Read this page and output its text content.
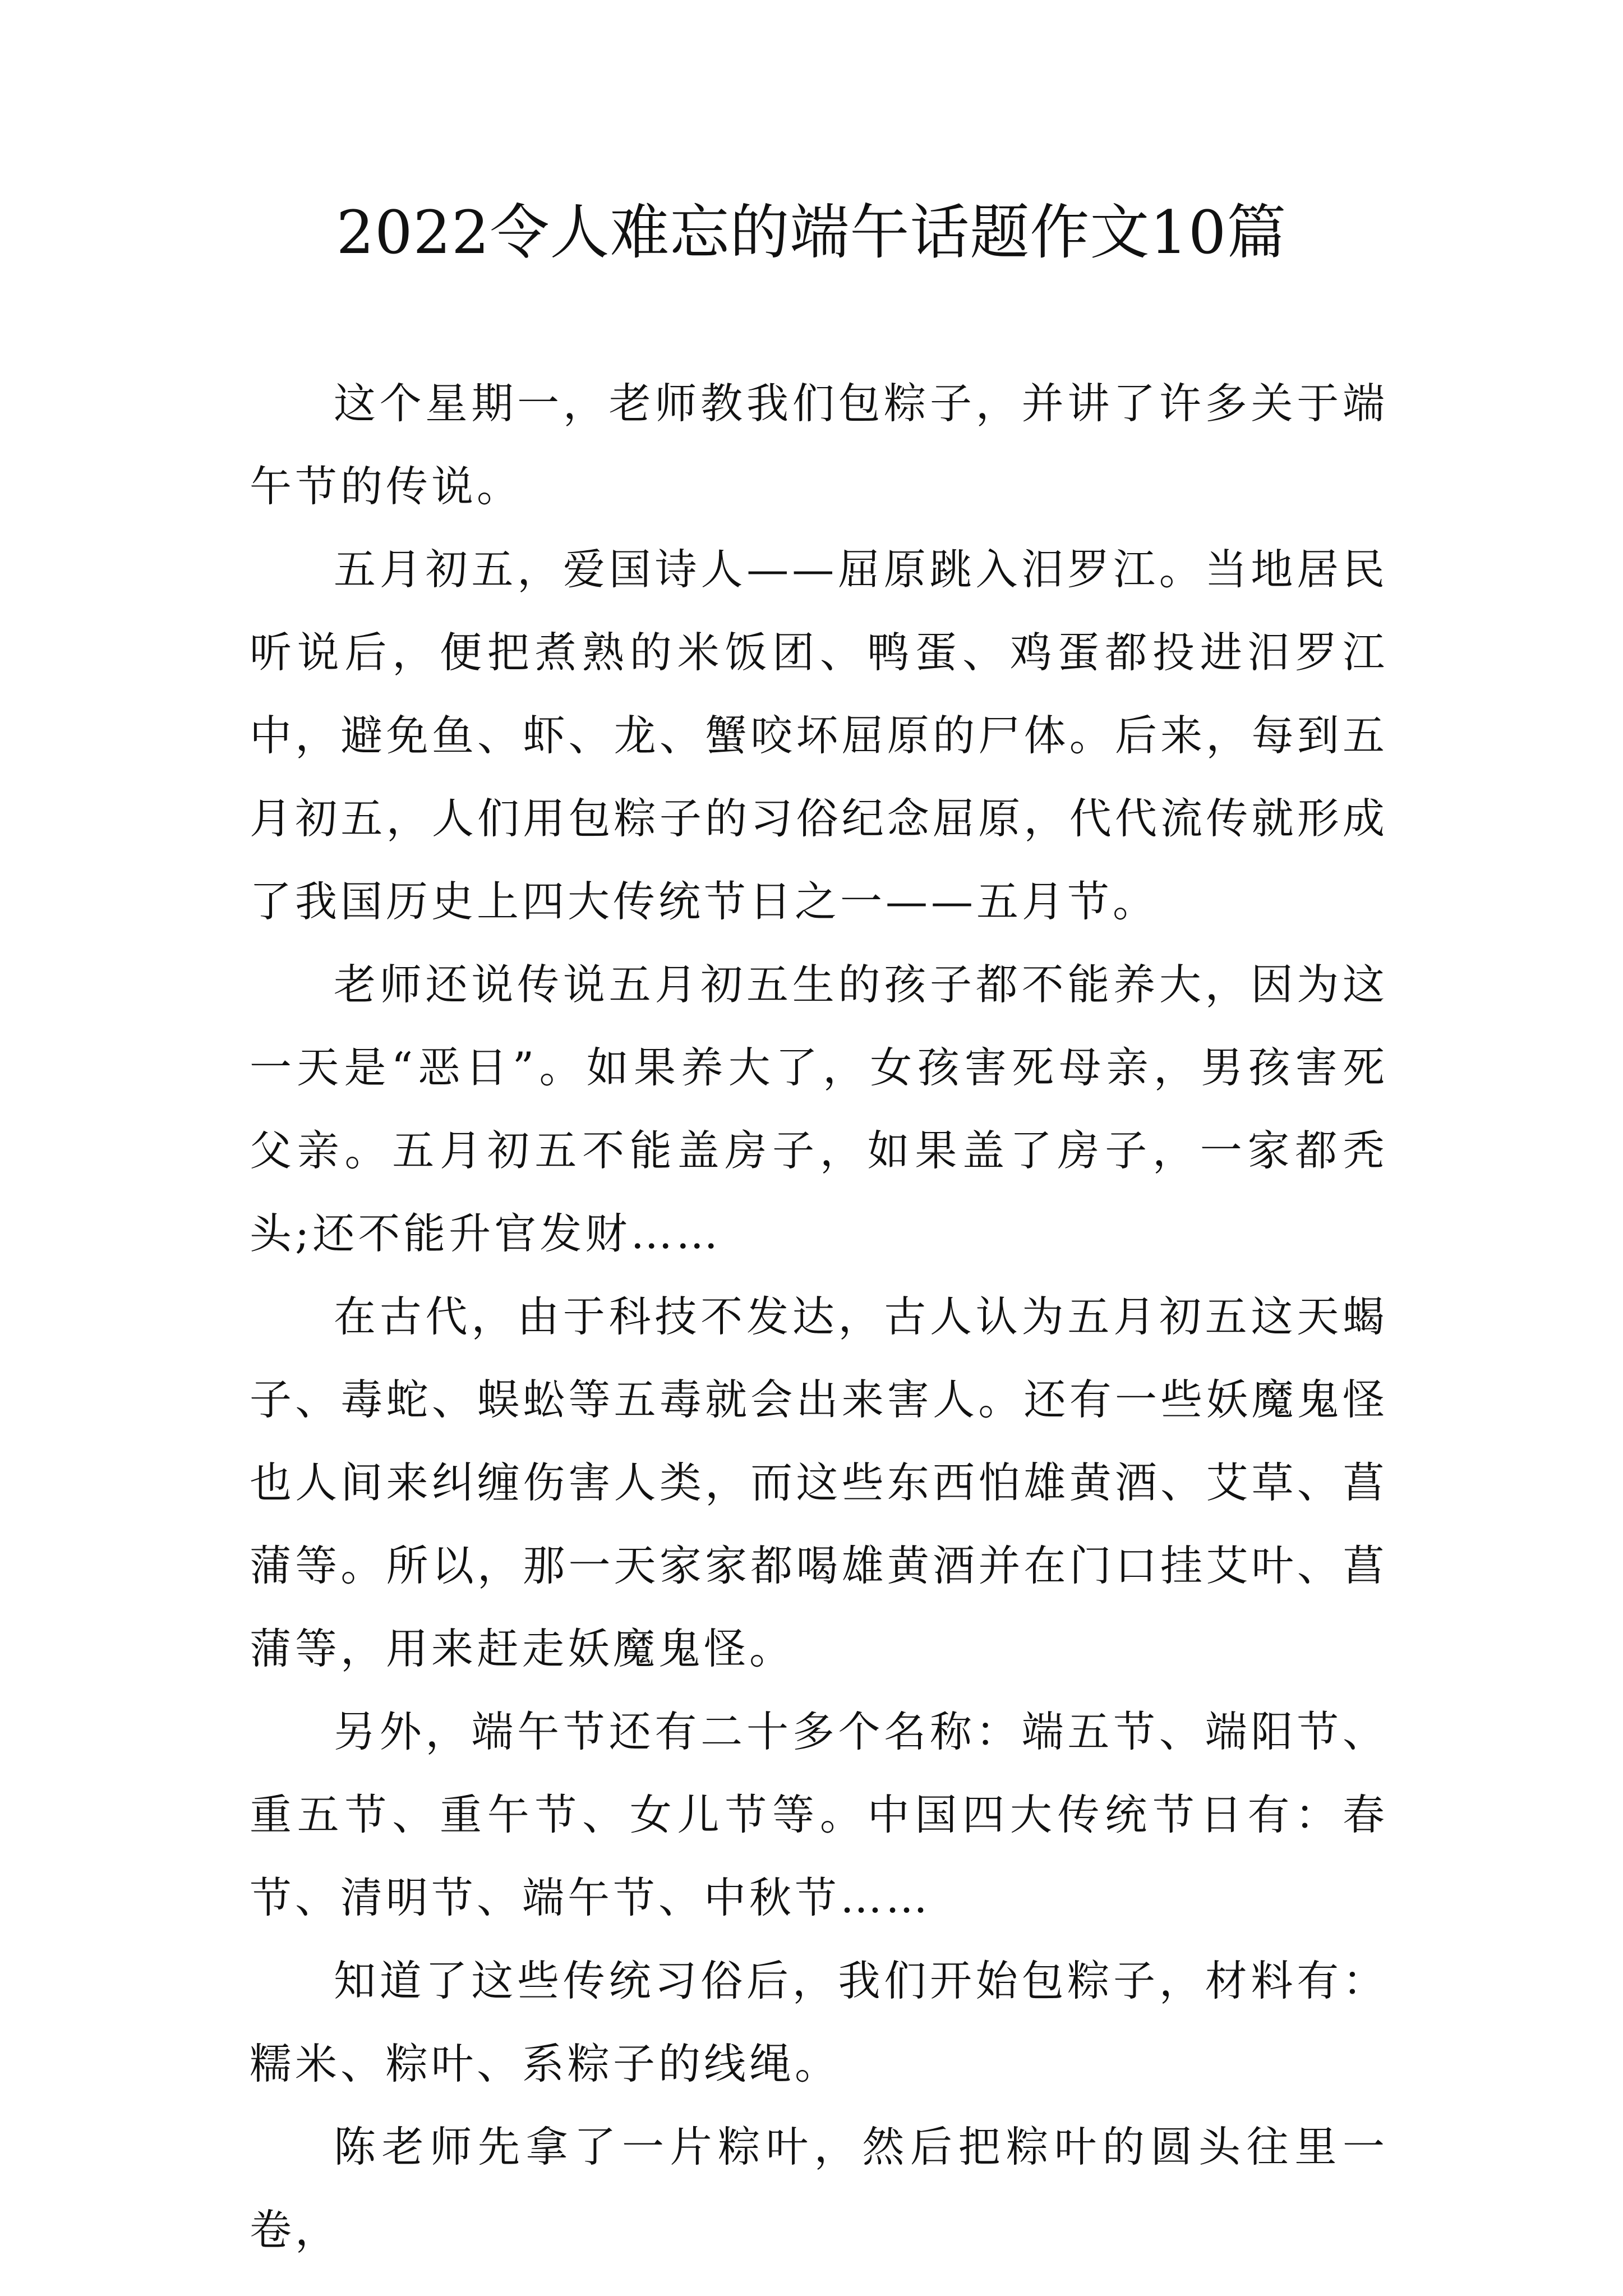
2022令人难忘的端午话题作文10篇

这个星期一，老师教我们包粽子，并讲了许多关于端午节的传说。

五月初五，爱国诗人——屈原跳入汨罗江。当地居民听说后，便把煮熟的米饭团、鸭蛋、鸡蛋都投进汨罗江中，避免鱼、虾、龙、蟹咬坏屈原的尸体。后来，每到五月初五，人们用包粽子的习俗纪念屈原，代代流传就形成了我国历史上四大传统节日之一——五月节。

老师还说传说五月初五生的孩子都不能养大，因为这一天是“恶日”。如果养大了，女孩害死母亲，男孩害死父亲。五月初五不能盖房子，如果盖了房子，一家都秃头;还不能升官发财……

在古代，由于科技不发达，古人认为五月初五这天蝎子、毒蛇、蜈蚣等五毒就会出来害人。还有一些妖魔鬼怪也人间来纠缠伤害人类，而这些东西怕雄黄酒、艾草、菖蒲等。所以，那一天家家都喝雄黄酒并在门口挂艾叶、菖蒲等，用来赶走妖魔鬼怪。

另外，端午节还有二十多个名称：端五节、端阳节、重五节、重午节、女儿节等。中国四大传统节日有：春节、清明节、端午节、中秋节……

知道了这些传统习俗后，我们开始包粽子，材料有：糯米、粽叶、系粽子的线绳。

陈老师先拿了一片粽叶，然后把粽叶的圆头往里一卷，
